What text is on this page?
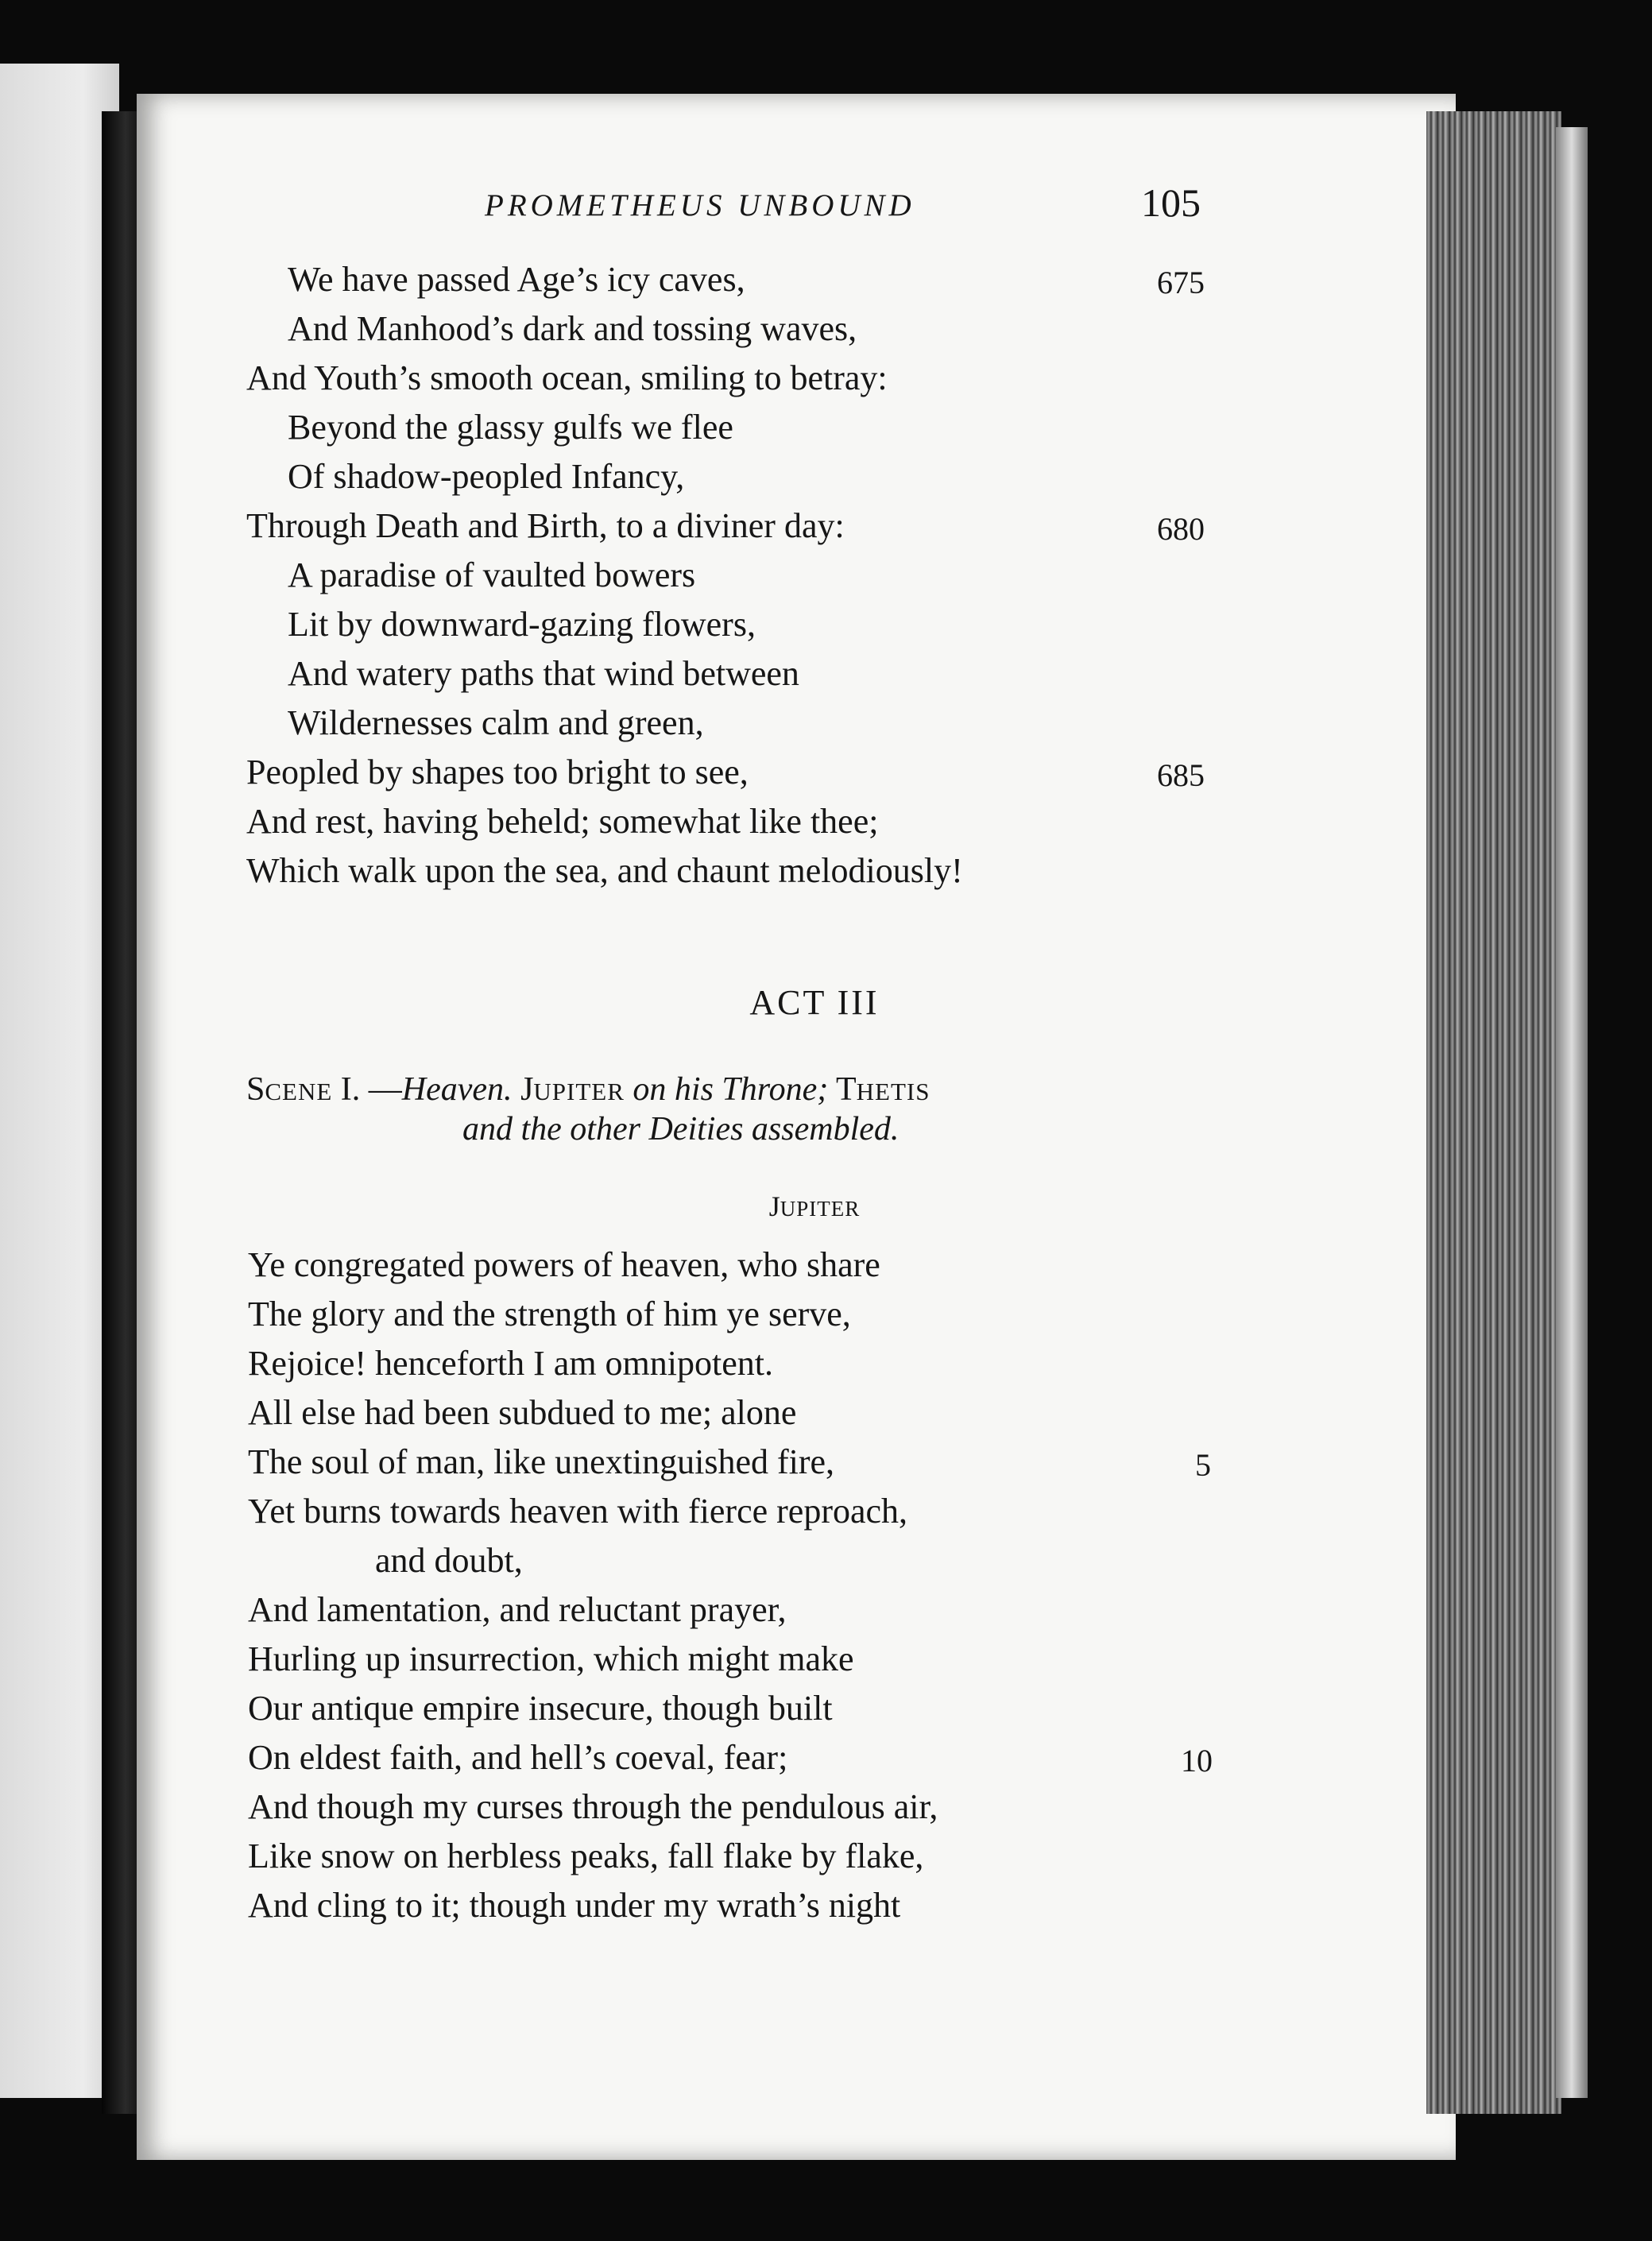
PROMETHEUS UNBOUND	105
We have passed Age’s icy caves,
And Manhood’s dark and tossing waves,
And Youth’s smooth ocean, smiling to betray:
Beyond the glassy gulfs we flee
Of shadow-peopled Infancy,
Through Death and Birth, to a diviner day:
A paradise of vaulted bowers
Lit by downward-gazing flowers,
And watery paths that wind between
Wildernesses calm and green,
Peopled by shapes too bright to see,
And rest, having beheld; somewhat like thee;
Which walk upon the sea, and chaunt melodiously!
675
680
685
ACT III
SCENE I. —Heaven. JUPITER on his Throne; THETIS
and the other Deities assembled.
JUPITER
Ye congregated powers of heaven, who share
The glory and the strength of him ye serve,
Rejoice! henceforth I am omnipotent.
All else had been subdued to me; alone
The soul of man, like unextinguished fire,
Yet burns towards heaven with fierce reproach,
and doubt,
And lamentation, and reluctant prayer,
Hurling up insurrection, which might make
Our antique empire insecure, though built
On eldest faith, and hell’s coeval, fear;
And though my curses through the pendulous air,
Like snow on herbless peaks, fall flake by flake,
And cling to it; though under my wrath’s night
5
10
